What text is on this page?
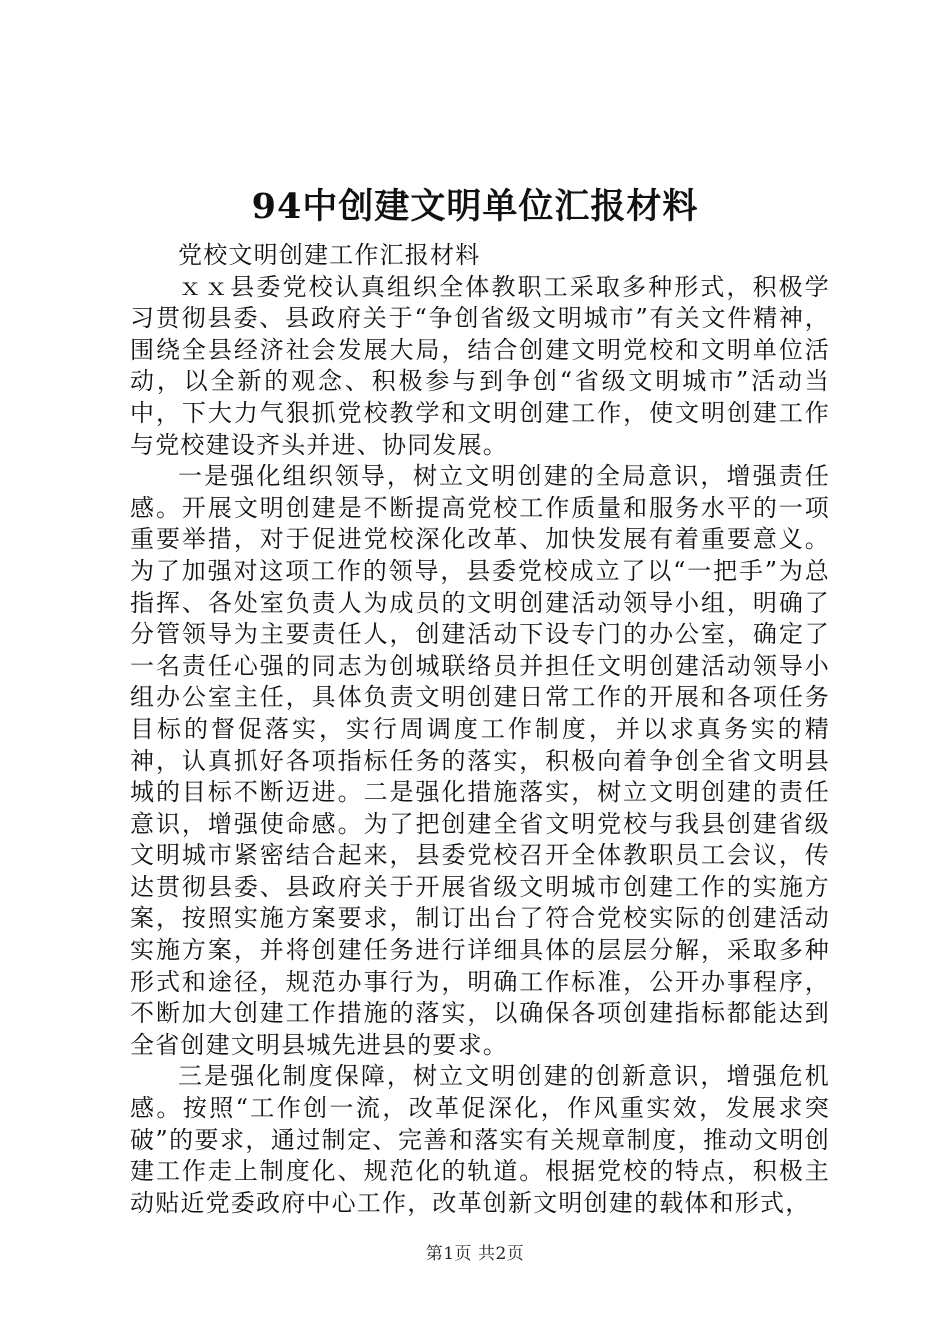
94中创建文明单位汇报材料

党校文明创建工作汇报材料

ｘｘ县委党校认真组织全体教职工采取多种形式，积极学习贯彻县委、县政府关于“争创省级文明城市”有关文件精神，围绕全县经济社会发展大局，结合创建文明党校和文明单位活动，以全新的观念、积极参与到争创“省级文明城市”活动当中，下大力气狠抓党校教学和文明创建工作，使文明创建工作与党校建设齐头并进、协同发展。

一是强化组织领导，树立文明创建的全局意识，增强责任感。开展文明创建是不断提高党校工作质量和服务水平的一项重要举措，对于促进党校深化改革、加快发展有着重要意义。为了加强对这项工作的领导，县委党校成立了以“一把手”为总指挥、各处室负责人为成员的文明创建活动领导小组，明确了分管领导为主要责任人，创建活动下设专门的办公室，确定了一名责任心强的同志为创城联络员并担任文明创建活动领导小组办公室主任，具体负责文明创建日常工作的开展和各项任务目标的督促落实，实行周调度工作制度，并以求真务实的精神，认真抓好各项指标任务的落实，积极向着争创全省文明县城的目标不断迈进。二是强化措施落实，树立文明创建的责任意识，增强使命感。为了把创建全省文明党校与我县创建省级文明城市紧密结合起来，县委党校召开全体教职员工会议，传达贯彻县委、县政府关于开展省级文明城市创建工作的实施方案，按照实施方案要求，制订出台了符合党校实际的创建活动实施方案，并将创建任务进行详细具体的层层分解，采取多种形式和途径，规范办事行为，明确工作标准，公开办事程序，不断加大创建工作措施的落实，以确保各项创建指标都能达到全省创建文明县城先进县的要求。

三是强化制度保障，树立文明创建的创新意识，增强危机感。按照“工作创一流，改革促深化，作风重实效，发展求突破”的要求，通过制定、完善和落实有关规章制度，推动文明创建工作走上制度化、规范化的轨道。根据党校的特点，积极主动贴近党委政府中心工作，改革创新文明创建的载体和形式，

第1页 共2页
